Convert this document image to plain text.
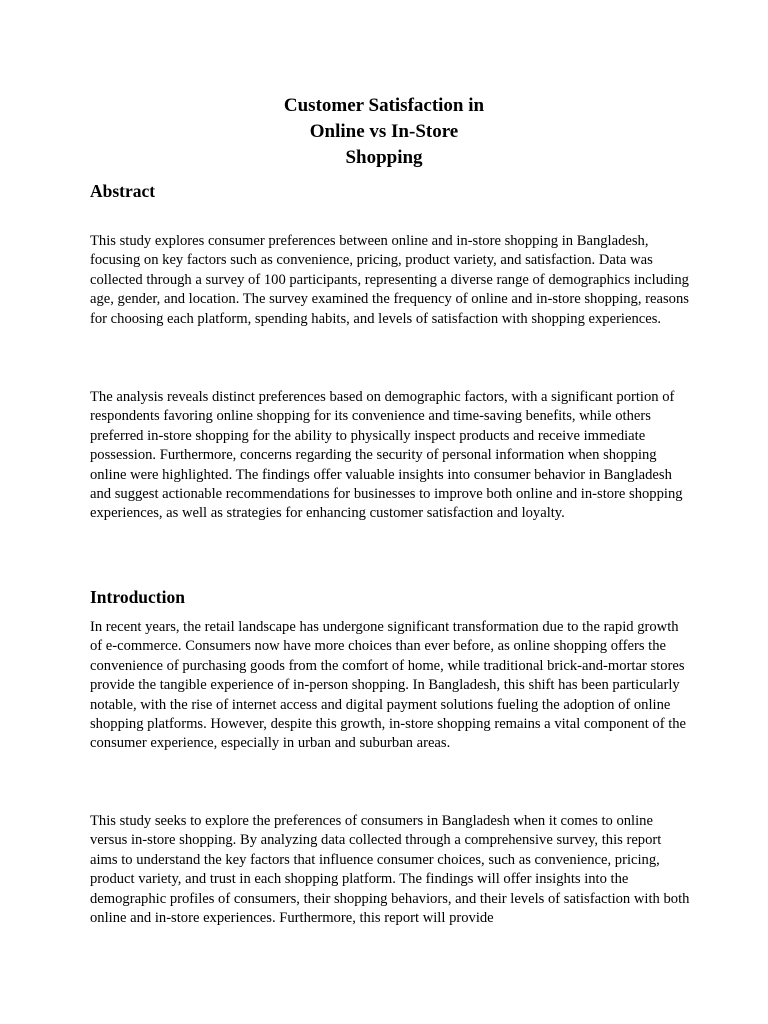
Customer Satisfaction in
Online vs In-Store
Shopping
Abstract

This study explores consumer preferences between online and in-store shopping in Bangladesh, focusing on key factors such as convenience, pricing, product variety, and satisfaction. Data was collected through a survey of 100 participants, representing a diverse range of demographics including age, gender, and location. The survey examined the frequency of online and in-store shopping, reasons for choosing each platform, spending habits, and levels of satisfaction with shopping experiences.

The analysis reveals distinct preferences based on demographic factors, with a significant portion of respondents favoring online shopping for its convenience and time-saving benefits, while others preferred in-store shopping for the ability to physically inspect products and receive immediate possession. Furthermore, concerns regarding the security of personal information when shopping online were highlighted. The findings offer valuable insights into consumer behavior in Bangladesh and suggest actionable recommendations for businesses to improve both online and in-store shopping experiences, as well as strategies for enhancing customer satisfaction and loyalty.

Introduction

In recent years, the retail landscape has undergone significant transformation due to the rapid growth of e-commerce. Consumers now have more choices than ever before, as online shopping offers the convenience of purchasing goods from the comfort of home, while traditional brick-and-mortar stores provide the tangible experience of in-person shopping. In Bangladesh, this shift has been particularly notable, with the rise of internet access and digital payment solutions fueling the adoption of online shopping platforms. However, despite this growth, in-store shopping remains a vital component of the consumer experience, especially in urban and suburban areas.

This study seeks to explore the preferences of consumers in Bangladesh when it comes to online versus in-store shopping. By analyzing data collected through a comprehensive survey, this report aims to understand the key factors that influence consumer choices, such as convenience, pricing, product variety, and trust in each shopping platform. The findings will offer insights into the demographic profiles of consumers, their shopping behaviors, and their levels of satisfaction with both online and in-store experiences. Furthermore, this report will provide
